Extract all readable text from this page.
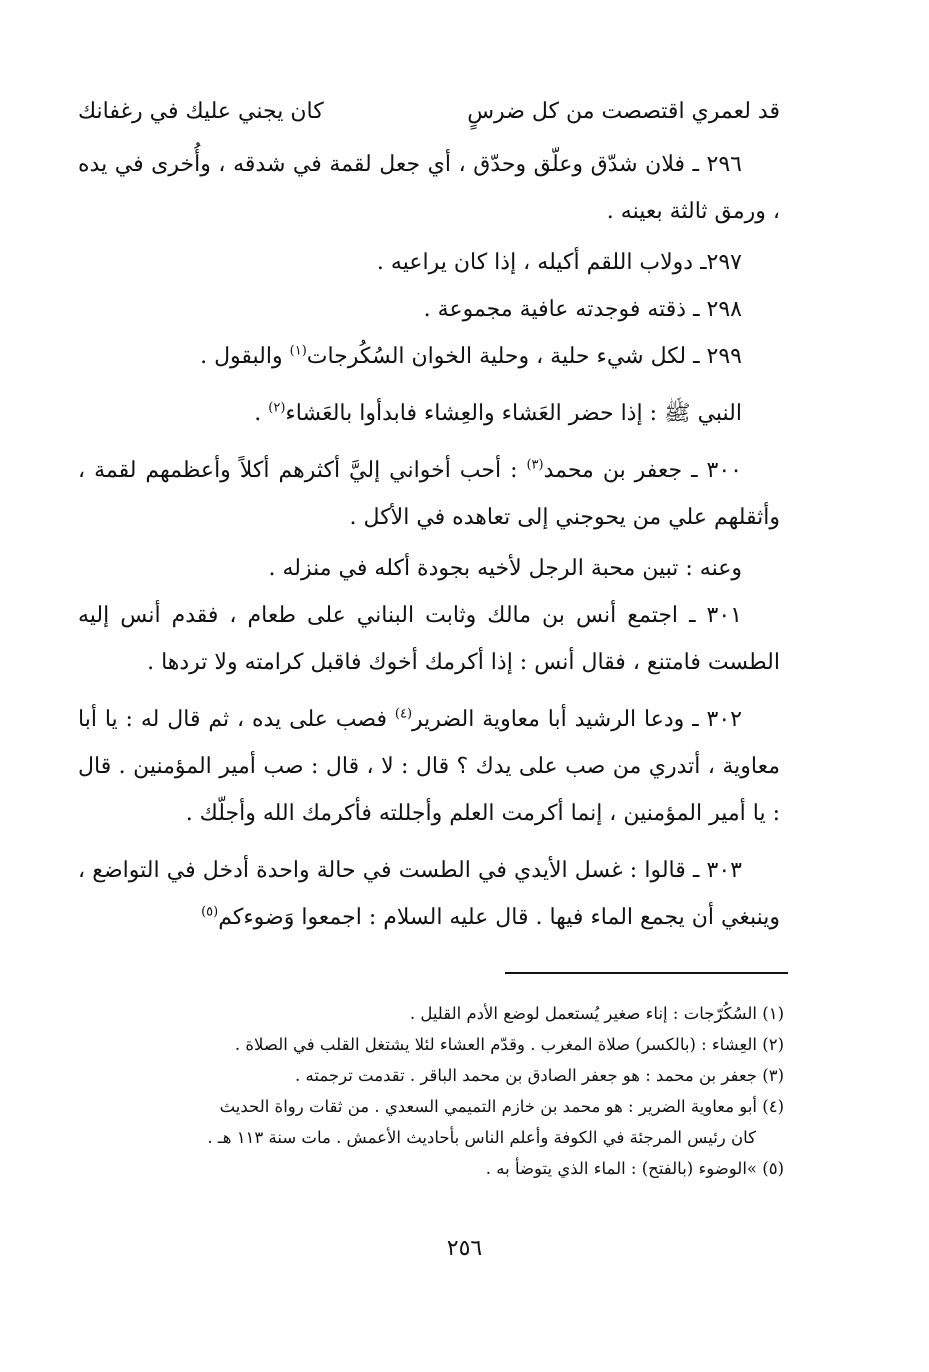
قد لعمري اقتصصت من كل ضرسٍ
كان يجني عليك في رغفانك

٢٩٦ ـ فلان شدّق وعلّق وحدّق ، أي جعل لقمة في شدقه ، وأُخرى في يده ، ورمق ثالثة بعينه .

٢٩٧ـ دولاب اللقم أكيله ، إذا كان يراعيه .

٢٩٨ ـ ذقته فوجدته عافية مجموعة .

٢٩٩ ـ لكل شيء حلية ، وحلية الخوان السُكُرجات$^{(١)}$ والبقول .

النبي ﷺ : إذا حضر العَشاء والعِشاء فابدأوا بالعَشاء$^{(٢)}$ .

٣٠٠ ـ جعفر بن محمد$^{(٣)}$ : أحب أخواني إليَّ أكثرهم أكلاً وأعظمهم لقمة ، وأثقلهم علي من يحوجني إلى تعاهده في الأكل .

وعنه : تبين محبة الرجل لأخيه بجودة أكله في منزله .

٣٠١ ـ اجتمع أنس بن مالك وثابت البناني على طعام ، فقدم أنس إليه الطست فامتنع ، فقال أنس : إذا أكرمك أخوك فاقبل كرامته ولا تردها .

٣٠٢ ـ ودعا الرشيد أبا معاوية الضرير$^{(٤)}$ فصب على يده ، ثم قال له : يا أبا معاوية ، أتدري من صب على يدك ؟ قال : لا ، قال : صب أمير المؤمنين . قال : يا أمير المؤمنين ، إنما أكرمت العلم وأجللته فأكرمك الله وأجلّك .

٣٠٣ ـ قالوا : غسل الأيدي في الطست في حالة واحدة أدخل في التواضع ، وينبغي أن يجمع الماء فيها . قال عليه السلام : اجمعوا وَضوءكم$^{(٥)}$

(١) السُكُرّجات : إناء صغير يُستعمل لوضع الأدم القليل .

(٢) العِشاء : (بالكسر) صلاة المغرب . وقدّم العشاء لئلا يشتغل القلب في الصلاة .

(٣) جعفر بن محمد : هو جعفر الصادق بن محمد الباقر . تقدمت ترجمته .

(٤) أبو معاوية الضرير : هو محمد بن خازم التميمي السعدي . من ثقات رواة الحديث
كان رئيس المرجئة في الكوفة وأعلم الناس بأحاديث الأعمش . مات سنة ١١٣ هـ .

(٥) »الوضوء (بالفتح) : الماء الذي يتوضأ به .

٢٥٦
